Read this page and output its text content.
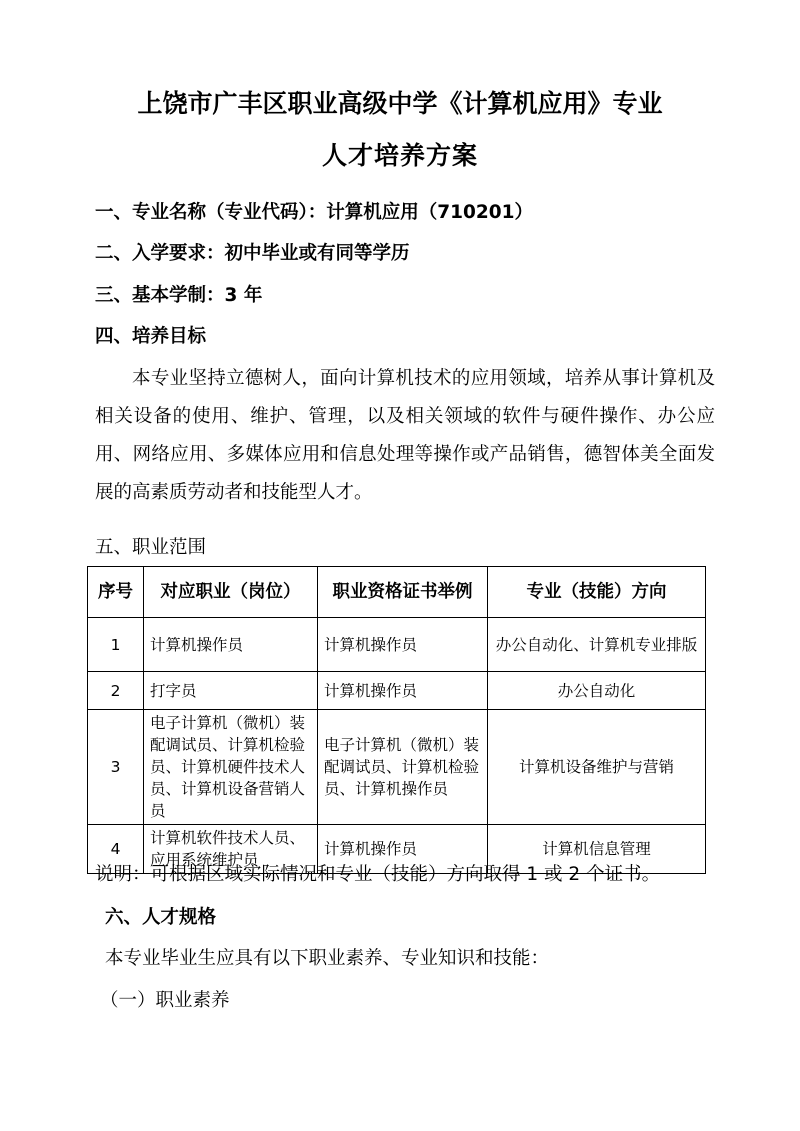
上饶市广丰区职业高级中学《计算机应用》专业
人才培养方案
一、专业名称（专业代码）：计算机应用（710201）
二、入学要求：初中毕业或有同等学历
三、基本学制：3 年
四、培养目标

本专业坚持立德树人，面向计算机技术的应用领域，培养从事计算机及相关设备的使用、维护、管理，以及相关领域的软件与硬件操作、办公应用、网络应用、多媒体应用和信息处理等操作或产品销售，德智体美全面发展的高素质劳动者和技能型人才。

五、职业范围
序号	对应职业（岗位）	职业资格证书举例	专业（技能）方向
1	计算机操作员	计算机操作员	办公自动化、计算机专业排版
2	打字员	计算机操作员	办公自动化
3	电子计算机（微机）装配调试员、计算机检验员、计算机硬件技术人员、计算机设备营销人员	电子计算机（微机）装配调试员、计算机检验员、计算机操作员	计算机设备维护与营销
4	计算机软件技术人员、应用系统维护员	计算机操作员	计算机信息管理
说明：可根据区域实际情况和专业（技能）方向取得 1 或 2 个证书。
六、人才规格
本专业毕业生应具有以下职业素养、专业知识和技能：
（一）职业素养
